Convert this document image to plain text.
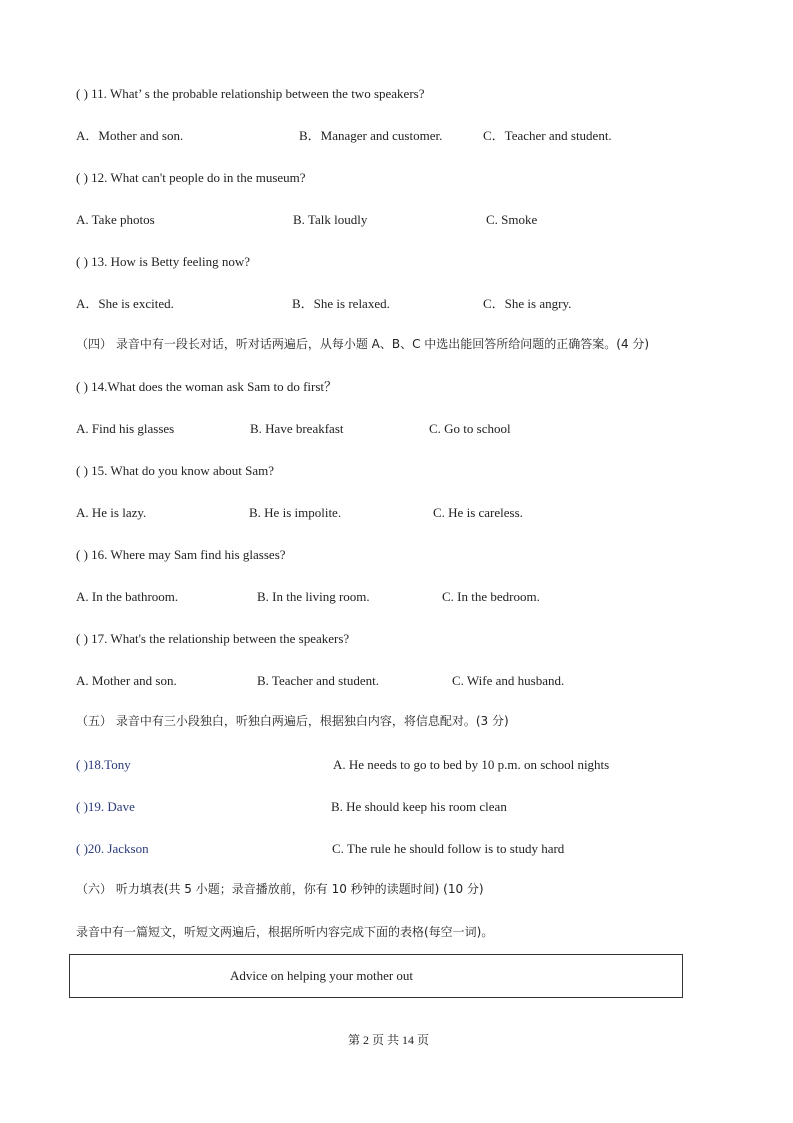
( ) 11. What’ s the probable relationship between the two speakers?
A．Mother and son.	B．Manager and customer.	C．Teacher and student.
( ) 12. What can't people do in the museum?
A. Take photos	B. Talk loudly	C. Smoke
( ) 13. How is Betty feeling now?
A．She is excited.	B．She is relaxed.	C．She is angry.
（四） 录音中有一段长对话，听对话两遍后，从每小题 A、B、C 中选出能回答所给问题的正确答案。(4 分)
( ) 14.What does the woman ask Sam to do first？
A. Find his glasses	B. Have breakfast	C. Go to school
( ) 15. What do you know about Sam?
A. He is lazy.	B. He is impolite.	C. He is careless.
( ) 16. Where may Sam find his glasses?
A. In the bathroom.	B. In the living room.	C. In the bedroom.
( ) 17. What's the relationship between the speakers?
A. Mother and son.	B. Teacher and student.	C. Wife and husband.
（五） 录音中有三小段独白，听独白两遍后，根据独白内容，将信息配对。(3 分)
( )18.Tony	A. He needs to go to bed by 10 p.m. on school nights
( )19. Dave	B. He should keep his room clean
( )20. Jackson	C. The rule he should follow is to study hard
（六） 听力填表(共 5 小题；录音播放前，你有 10 秒钟的读题时间) (10 分)
录音中有一篇短文，听短文两遍后，根据所听内容完成下面的表格(每空一词)。
Advice on helping your mother out
第 2 页 共 14 页
